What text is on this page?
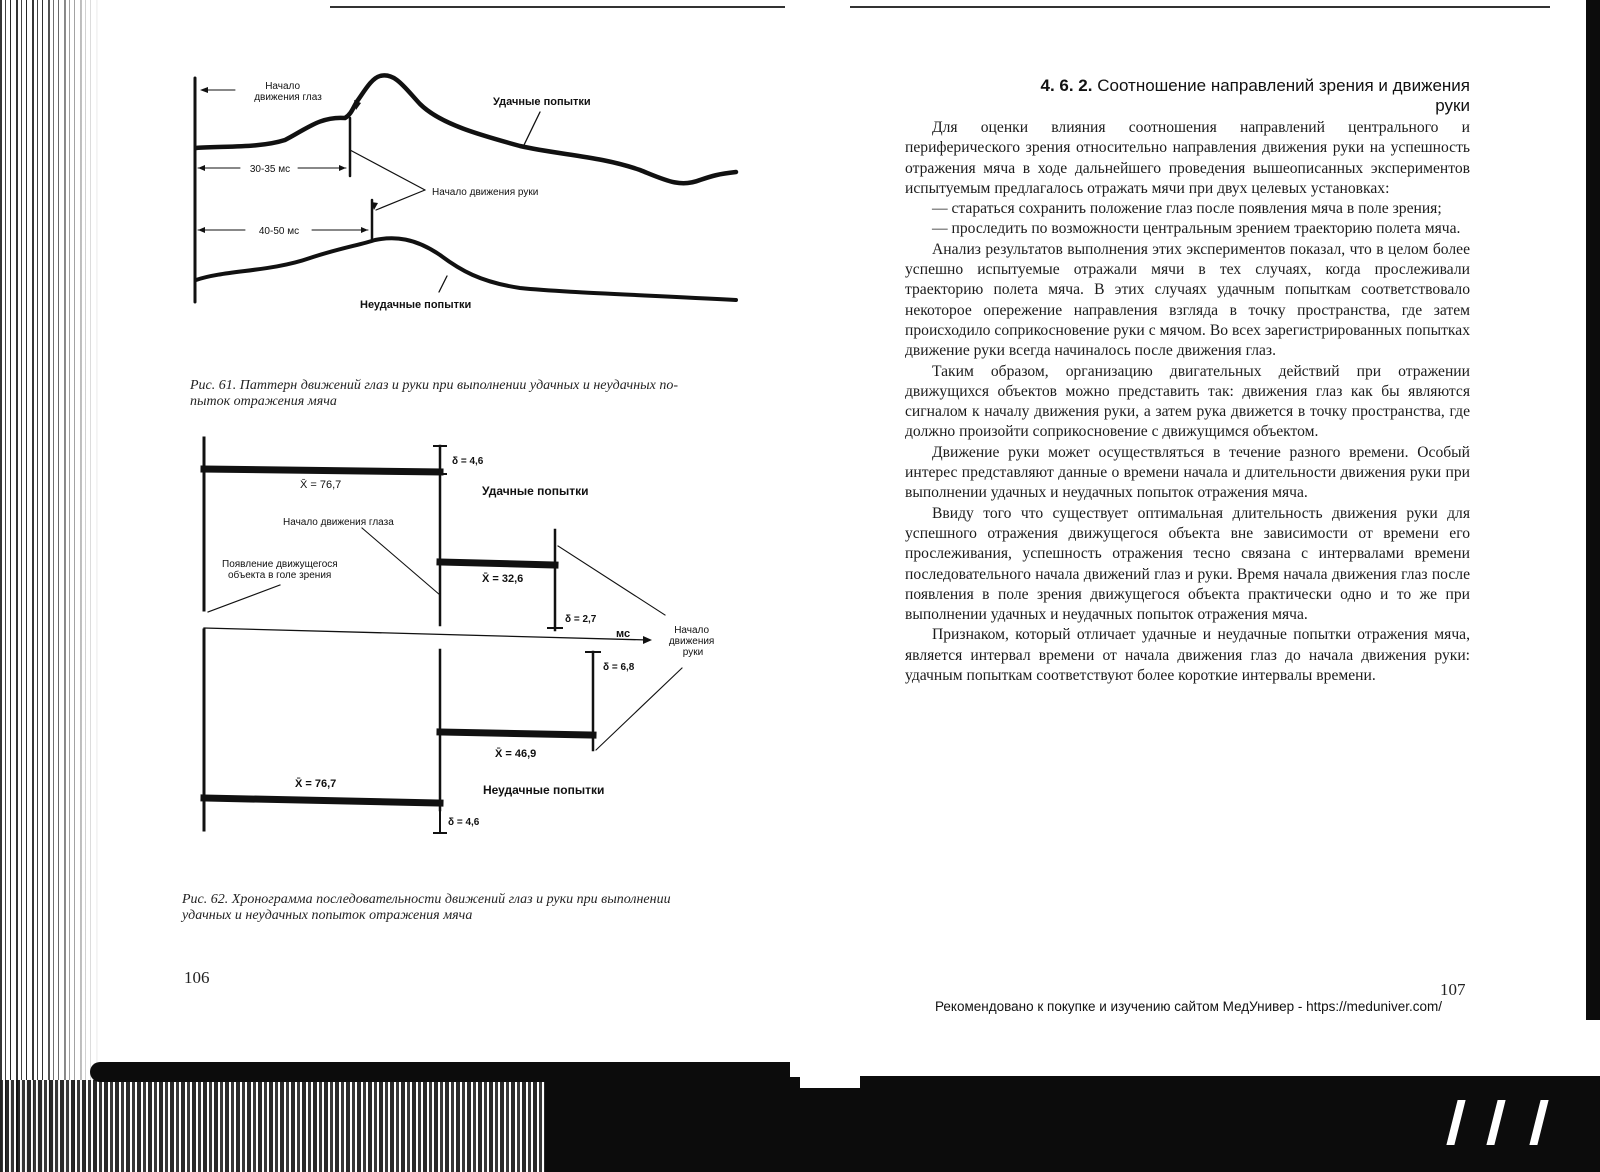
Начало движения глаз	Удачные попытки
30-35 мс
Начало движения руки
40-50 мс
Неудачные попытки
Рис. 61. Паттерн движений глаз и руки при выполнении удачных и неудачных по-
пыток отражения мяча
δ = 4,6
X̄ = 76,7	Удачные попытки
Начало движения глаза
Появление движущегося объекта в голе зрения	X̄ = 32,6
δ = 2,7
мс	Начало движения руки
δ = 6,8
X̄ = 46,9
X̄ = 76,7	Неудачные попытки
δ = 4,6
Рис. 62. Хронограмма последовательности движений глаз и руки при выполнении
удачных и неудачных попыток отражения мяча
106
4. 6. 2. Соотношение направлений зрения и движения руки

Для оценки влияния соотношения направлений центрального и периферического зрения относительно направления движения руки на успешность отражения мяча в ходе дальнейшего проведения вышеописанных экспериментов испытуемым предлагалось отражать мячи при двух целевых установках:

— стараться сохранить положение глаз после появления мяча в поле зрения;

— проследить по возможности центральным зрением траекторию полета мяча.

Анализ результатов выполнения этих экспериментов показал, что в целом более успешно испытуемые отражали мячи в тех случаях, когда прослеживали траекторию полета мяча. В этих случаях удачным попыткам соответствовало некоторое опережение направления взгляда в точку пространства, где затем происходило соприкосновение руки с мячом. Во всех зарегистрированных попытках движение руки всегда начиналось после движения глаз.

Таким образом, организацию двигательных действий при отражении движущихся объектов можно представить так: движения глаз как бы являются сигналом к началу движения руки, а затем рука движется в точку пространства, где должно произойти соприкосновение с движущимся объектом.

Движение руки может осуществляться в течение разного времени. Особый интерес представляют данные о времени начала и длительности движения руки при выполнении удачных и неудачных попыток отражения мяча.

Ввиду того что существует оптимальная длительность движения руки для успешного отражения движущегося объекта вне зависимости от времени его прослеживания, успешность отражения тесно связана с интервалами времени последовательного начала движений глаз и руки. Время начала движения глаз после появления в поле зрения движущегося объекта практически одно и то же при выполнении удачных и неудачных попыток отражения мяча.

Признаком, который отличает удачные и неудачные попытки отражения мяча, является интервал времени от начала движения глаз до начала движения руки: удачным попыткам соответствуют более короткие интервалы времени.

107
Рекомендовано к покупке и изучению сайтом МедУнивер - https://meduniver.com/
